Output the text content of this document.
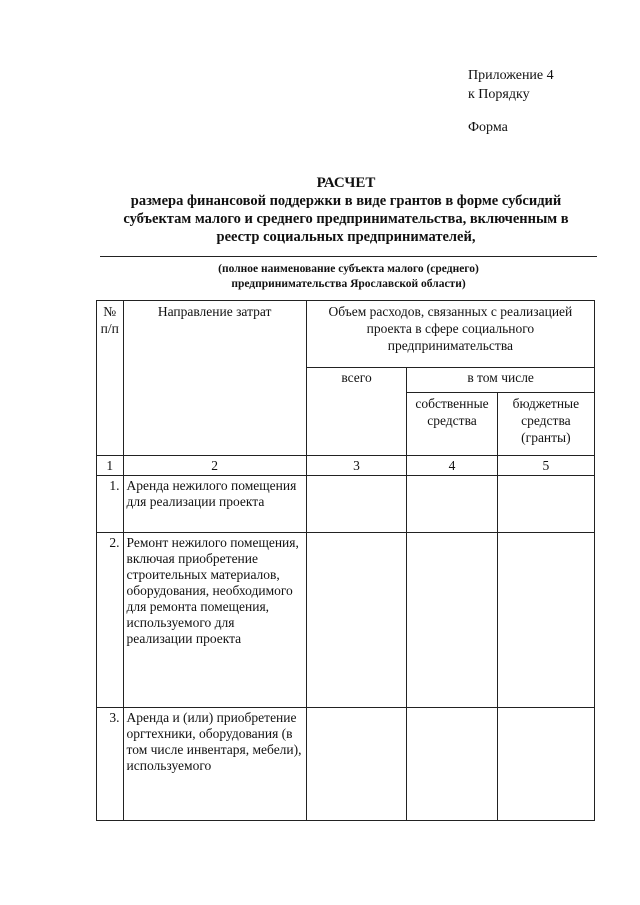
Приложение 4
к Порядку
Форма
РАСЧЕТ
размера финансовой поддержки в виде грантов в форме субсидий
субъектам малого и среднего предпринимательства, включенным в
реестр социальных предпринимателей,
(полное наименование субъекта малого (среднего)
предпринимательства Ярославской области)
№ п/п	Направление затрат	Объем расходов, связанных с реализацией проекта в сфере социального предпринимательства		
		всего	в том числе	
			собственные средства	бюджетные средства (гранты)
1	2	3	4	5
1.	Аренда нежилого помещения для реализации проекта			
2.	Ремонт нежилого помещения, включая приобретение строительных материалов, оборудования, необходимого для ремонта помещения, используемого для реализации проекта			
3.	Аренда и (или) приобретение оргтехники, оборудования (в том числе инвентаря, мебели), используемого			
